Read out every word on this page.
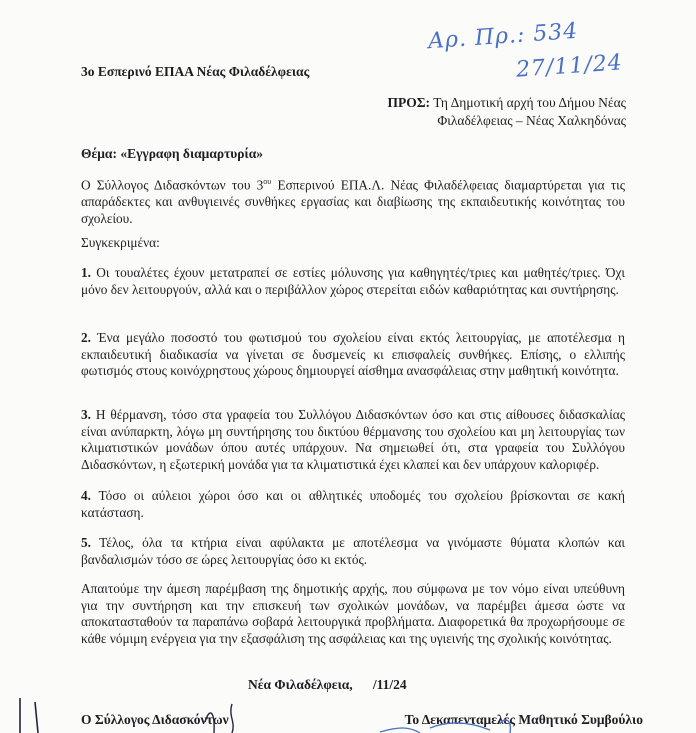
Αρ. Πρ.: 534
27/11/24
3ο Εσπερινό ΕΠΑΑ Νέας Φιλαδέλφειας
ΠΡΟΣ: Τη Δημοτική αρχή του Δήμου Νέας
Φιλαδέλφειας – Νέας Χαλκηδόνας
Θέμα: «Εγγραφη διαμαρτυρία»
Ο Σύλλογος Διδασκόντων του $3^{o\upsilon}$ Εσπερινού ΕΠΑ.Λ. Νέας Φιλαδέλφειας διαμαρτύρεται για τις απαράδεκτες και ανθυγιεινές συνθήκες εργασίας και διαβίωσης της εκπαιδευτικής κοινότητας του σχολείου.
Συγκεκριμένα:
1. Οι τουαλέτες έχουν μετατραπεί σε εστίες μόλυνσης για καθηγητές/τριες και μαθητές/τριες. Όχι μόνο δεν λειτουργούν, αλλά και ο περιβάλλον χώρος στερείται ειδών καθαριότητας και συντήρησης.
2. Ένα μεγάλο ποσοστό του φωτισμού του σχολείου είναι εκτός λειτουργίας, με αποτέλεσμα η εκπαιδευτική διαδικασία να γίνεται σε δυσμενείς κι επισφαλείς συνθήκες. Επίσης, ο ελλιπής φωτισμός στους κοινόχρηστους χώρους δημιουργεί αίσθημα ανασφάλειας στην μαθητική κοινότητα.
3. Η θέρμανση, τόσο στα γραφεία του Συλλόγου Διδασκόντων όσο και στις αίθουσες διδασκαλίας είναι ανύπαρκτη, λόγω μη συντήρησης του δικτύου θέρμανσης του σχολείου και μη λειτουργίας των κλιματιστικών μονάδων όπου αυτές υπάρχουν. Να σημειωθεί ότι, στα γραφεία του Συλλόγου Διδασκόντων, η εξωτερική μονάδα για τα κλιματιστικά έχει κλαπεί και δεν υπάρχουν καλοριφέρ.
4. Τόσο οι αύλειοι χώροι όσο και οι αθλητικές υποδομές του σχολείου βρίσκονται σε κακή κατάσταση.
5. Τέλος, όλα τα κτήρια είναι αφύλακτα με αποτέλεσμα να γινόμαστε θύματα κλοπών και βανδαλισμών τόσο σε ώρες λειτουργίας όσο κι εκτός.
Απαιτούμε την άμεση παρέμβαση της δημοτικής αρχής, που σύμφωνα με τον νόμο είναι υπεύθυνη για την συντήρηση και την επισκευή των σχολικών μονάδων, να παρέμβει άμεσα ώστε να αποκατασταθούν τα παραπάνω σοβαρά λειτουργικά προβλήματα. Διαφορετικά θα προχωρήσουμε σε κάθε νόμιμη ενέργεια για την εξασφάλιση της ασφάλειας και της υγιεινής της σχολικής κοινότητας.
Νέα Φιλαδέλφεια, /11/24
Ο Σύλλογος Διδασκόντων	Το Δεκαπενταμελές Μαθητικό Συμβούλιο
